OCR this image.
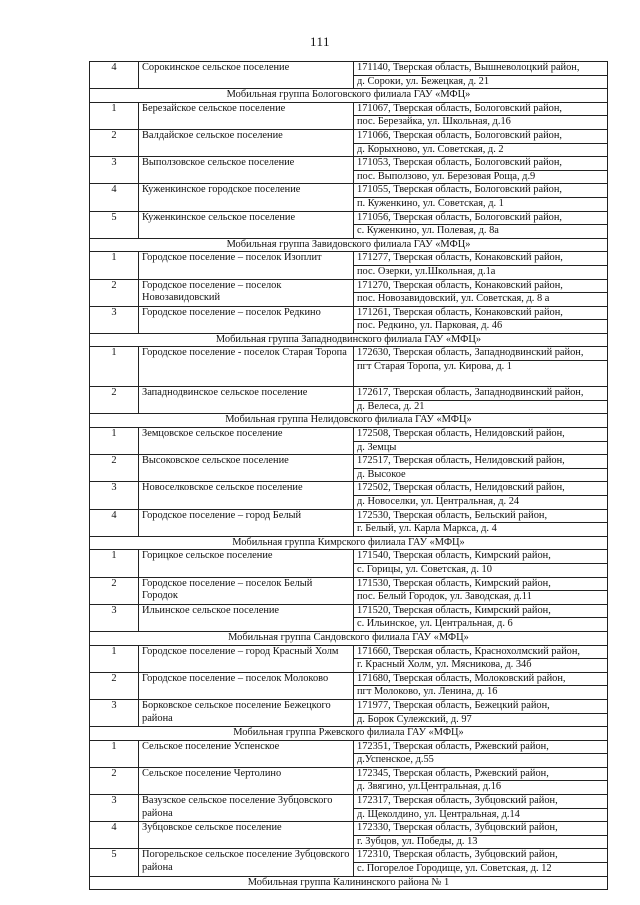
111
4	Сорокинское сельское поселение	171140, Тверская область, Вышневолоцкий район,
д. Сороки, ул. Бежецкая, д. 21

Мобильная группа Бологовского филиала ГАУ «МФЦ»		
1	Березайское сельское поселение	171067, Тверская область, Бологовский район,
пос. Березайка, ул. Школьная, д.16

2	Валдайское сельское поселение	171066, Тверская область, Бологовский район,
д. Корыхново, ул. Советская, д. 2

3	Выползовское сельское поселение	171053, Тверская область, Бологовский район,
пос. Выползово, ул. Березовая Роща, д.9

4	Куженкинское городское поселение	171055, Тверская область, Бологовский район,
п. Куженкино, ул. Советская, д. 1

5	Куженкинское сельское поселение	171056, Тверская область, Бологовский район,
с. Куженкино, ул. Полевая, д. 8а

Мобильная группа Завидовского филиала ГАУ «МФЦ»		
1	Городское поселение – поселок Изоплит	171277, Тверская область, Конаковский район,
пос. Озерки, ул.Школьная, д.1а

2	Городское поселение – поселок Новозавидовский	171270, Тверская область, Конаковский район,
пос. Новозавидовский, ул. Советская, д. 8 а

3	Городское поселение – поселок Редкино	171261, Тверская область, Конаковский район,
пос. Редкино, ул. Парковая, д. 46

Мобильная группа Западнодвинского филиала ГАУ «МФЦ»		
1	Городское поселение - поселок Старая Торопа	172630, Тверская область, Западнодвинский район,
пгт Старая Торопа, ул. Кирова, д. 1

2	Западнодвинское сельское поселение	172617, Тверская область, Западнодвинский район,
д. Велеса, д. 21

Мобильная группа Нелидовского филиала ГАУ «МФЦ»		
1	Земцовское сельское поселение	172508, Тверская область, Нелидовский район,
д. Земцы

2	Высоковское сельское поселение	172517, Тверская область, Нелидовский район,
д. Высокое

3	Новоселковское сельское поселение	172502, Тверская область, Нелидовский район,
д. Новоселки, ул. Центральная, д. 24

4	Городское поселение – город Белый	172530, Тверская область, Бельский район,
г. Белый, ул. Карла Маркса, д. 4

Мобильная группа Кимрского филиала ГАУ «МФЦ»		
1	Горицкое сельское поселение	171540, Тверская область, Кимрский район,
с. Горицы, ул. Советская, д. 10

2	Городское поселение – поселок Белый Городок	171530, Тверская область, Кимрский район,
пос. Белый Городок, ул. Заводская, д.11

3	Ильинское сельское поселение	171520, Тверская область, Кимрский район,
с. Ильинское, ул. Центральная, д. 6

Мобильная группа Сандовского филиала ГАУ «МФЦ»		
1	Городское поселение – город Красный Холм	171660, Тверская область, Краснохолмский район,
г. Красный Холм, ул. Мясникова, д. 34б

2	Городское поселение – поселок Молоково	171680, Тверская область, Молоковский район,
пгт Молоково, ул. Ленина, д. 16

3	Борковское сельское поселение Бежецкого района	171977, Тверская область, Бежецкий район,
д. Борок Сулежский, д. 97

Мобильная группа Ржевского филиала ГАУ «МФЦ»		
1	Сельское поселение Успенское	172351, Тверская область, Ржевский район,
д.Успенское, д.55

2	Сельское поселение Чертолино	172345, Тверская область, Ржевский район,
д. Звягино, ул.Центральная, д.16

3	Вазузское сельское поселение Зубцовского района	172317, Тверская область, Зубцовский район,
д. Щеколдино, ул. Центральная, д.14

4	Зубцовское сельское поселение	172330, Тверская область, Зубцовский район,
г. Зубцов, ул. Победы, д. 13

5	Погорельское сельское поселение Зубцовского района	172310, Тверская область, Зубцовский район,
с. Погорелое Городище, ул. Советская, д. 12

Мобильная группа Калининского района № 1		
